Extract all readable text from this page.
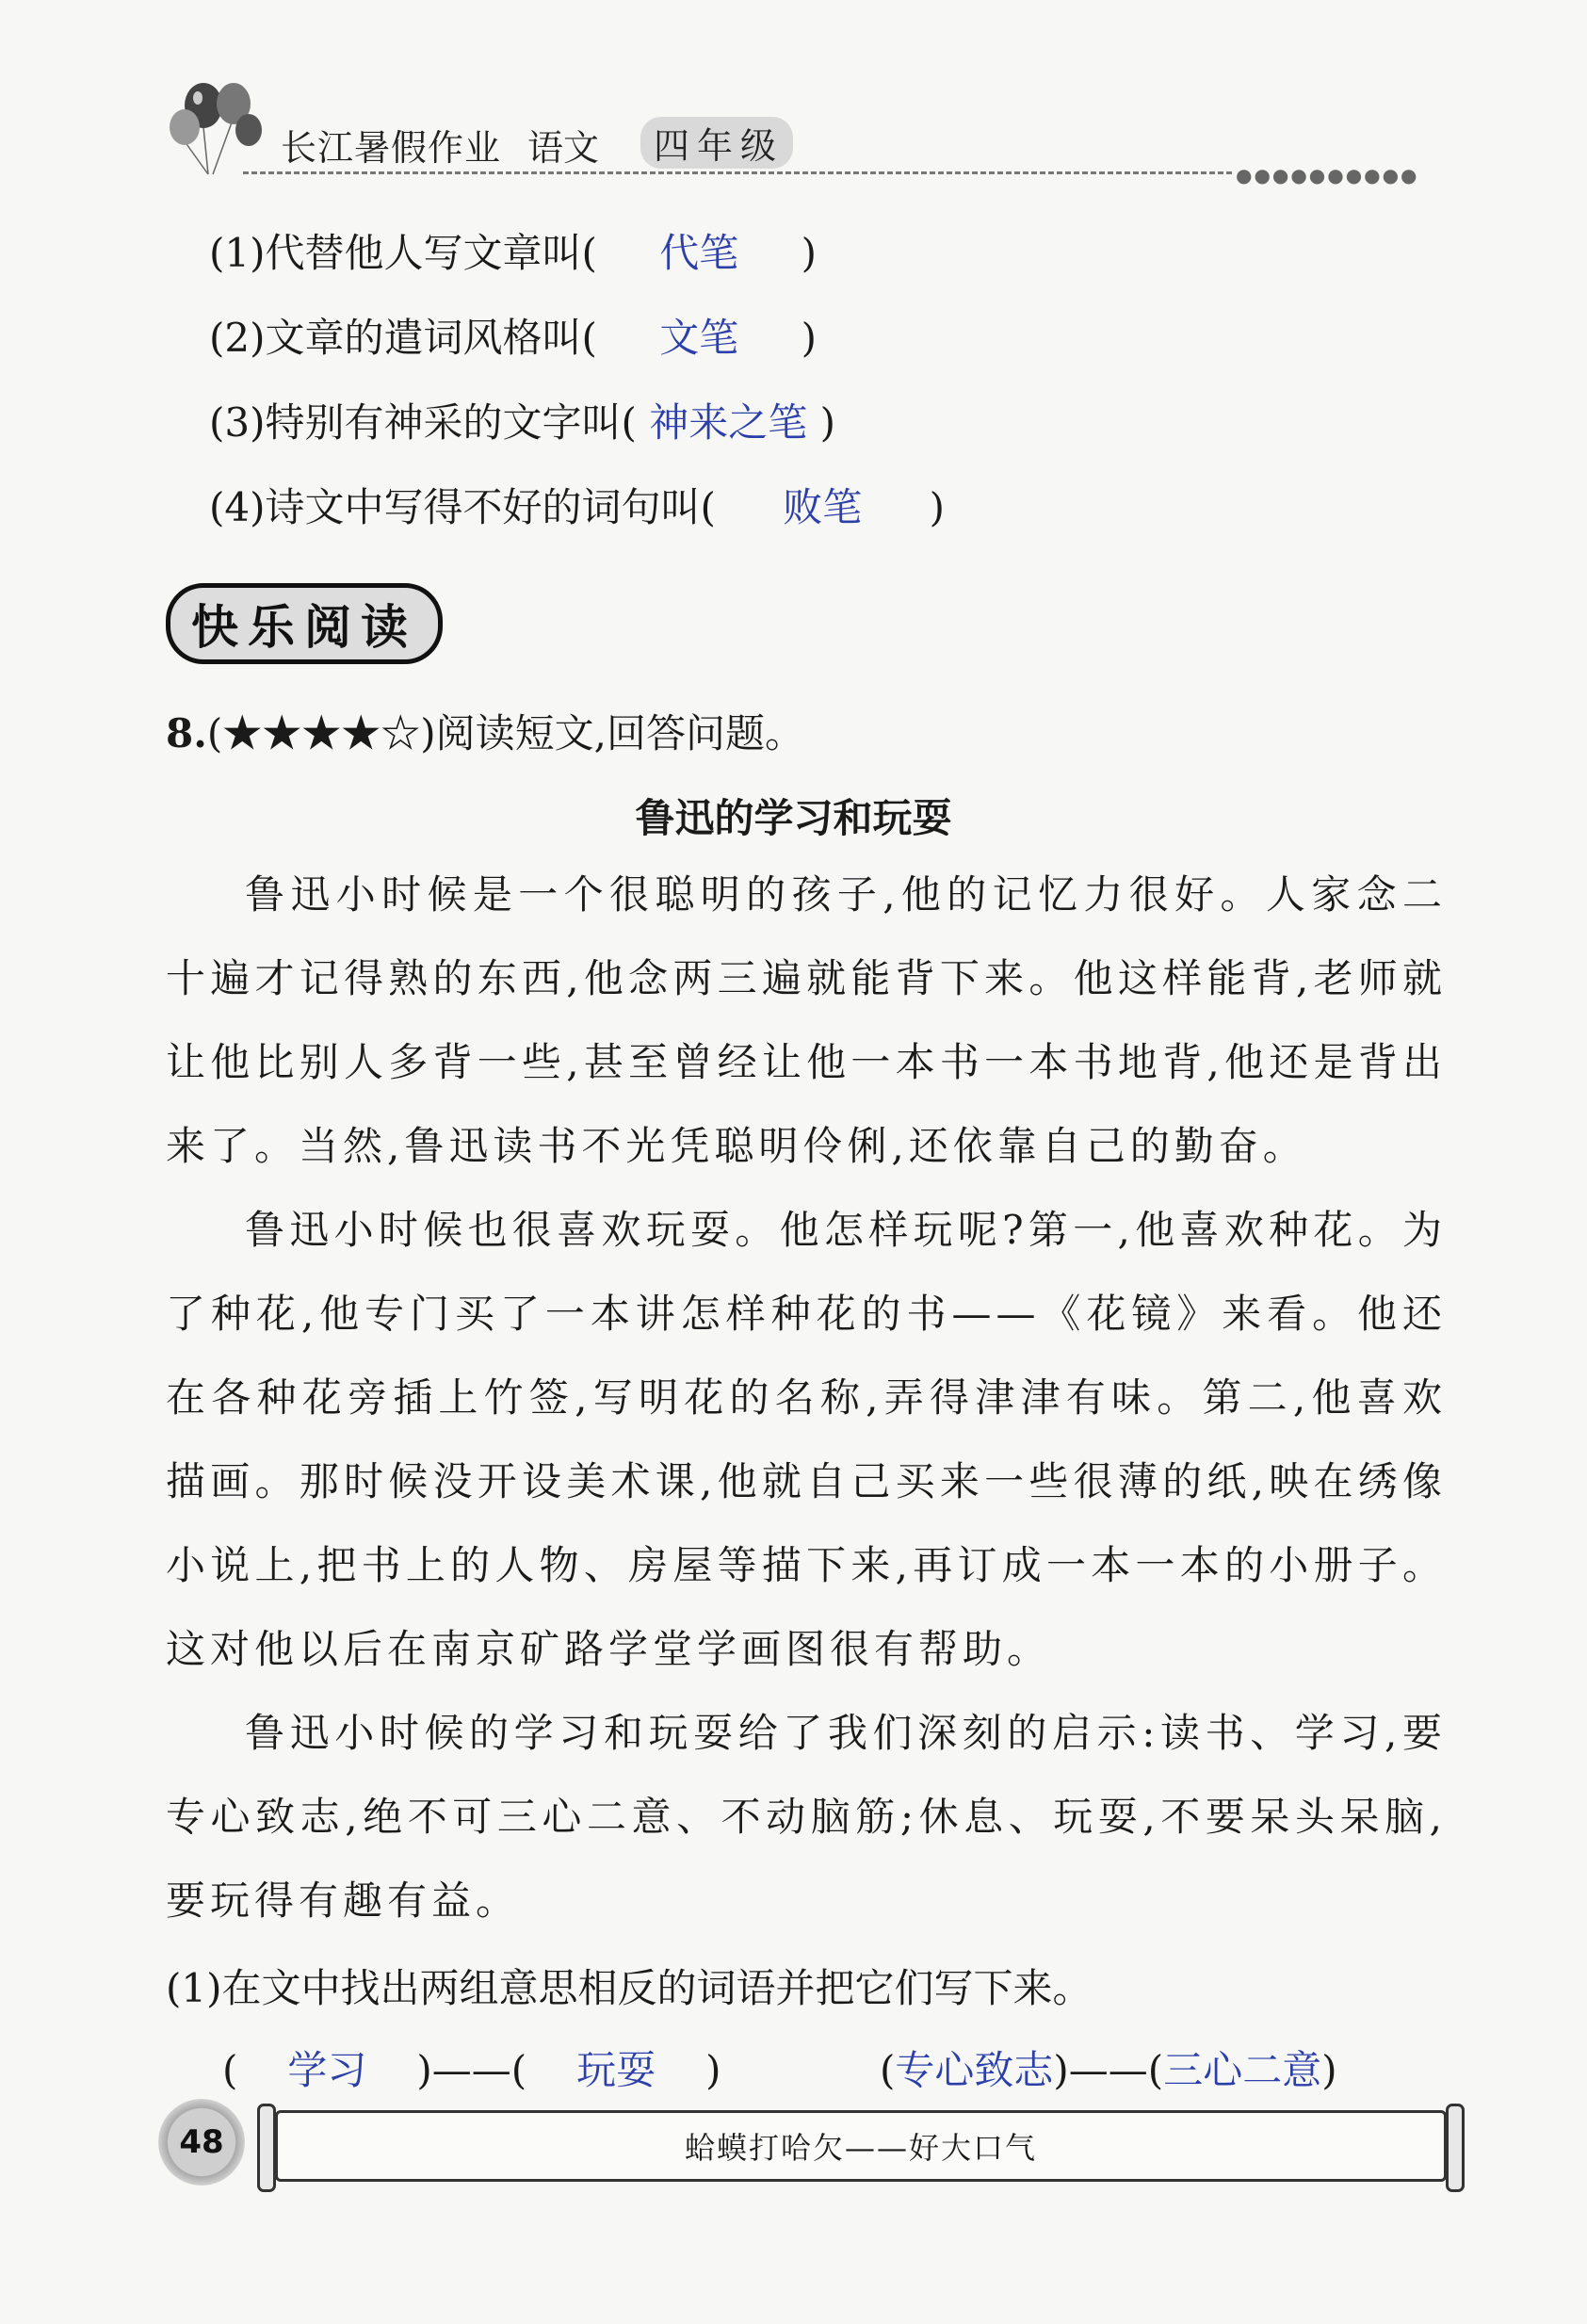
长江暑假作业 语文	四年级
●●●●●●●●●●
(1)代替他人写文章叫( 代笔 )
(2)文章的遣词风格叫( 文笔 )
(3)特别有神采的文字叫( 神来之笔 )
(4)诗文中写得不好的词句叫( 败笔 )
快乐阅读
8.(★★★★☆)阅读短文,回答问题。
鲁迅的学习和玩耍
鲁迅小时候是一个很聪明的孩子,他的记忆力很好。人家念二十遍才记得熟的东西,他念两三遍就能背下来。他这样能背,老师就让他比别人多背一些,甚至曾经让他一本书一本书地背,他还是背出来了。当然,鲁迅读书不光凭聪明伶俐,还依靠自己的勤奋。
鲁迅小时候也很喜欢玩耍。他怎样玩呢?第一,他喜欢种花。为了种花,他专门买了一本讲怎样种花的书——《花镜》来看。他还在各种花旁插上竹签,写明花的名称,弄得津津有味。第二,他喜欢描画。那时候没开设美术课,他就自己买来一些很薄的纸,映在绣像小说上,把书上的人物、房屋等描下来,再订成一本一本的小册子。这对他以后在南京矿路学堂学画图很有帮助。
鲁迅小时候的学习和玩耍给了我们深刻的启示:读书、学习,要专心致志,绝不可三心二意、不动脑筋;休息、玩耍,不要呆头呆脑,要玩得有趣有益。
(1)在文中找出两组意思相反的词语并把它们写下来。
( 学习 )——( 玩耍 )	(专心致志)——(三心二意)
48	蛤蟆打哈欠——好大口气
